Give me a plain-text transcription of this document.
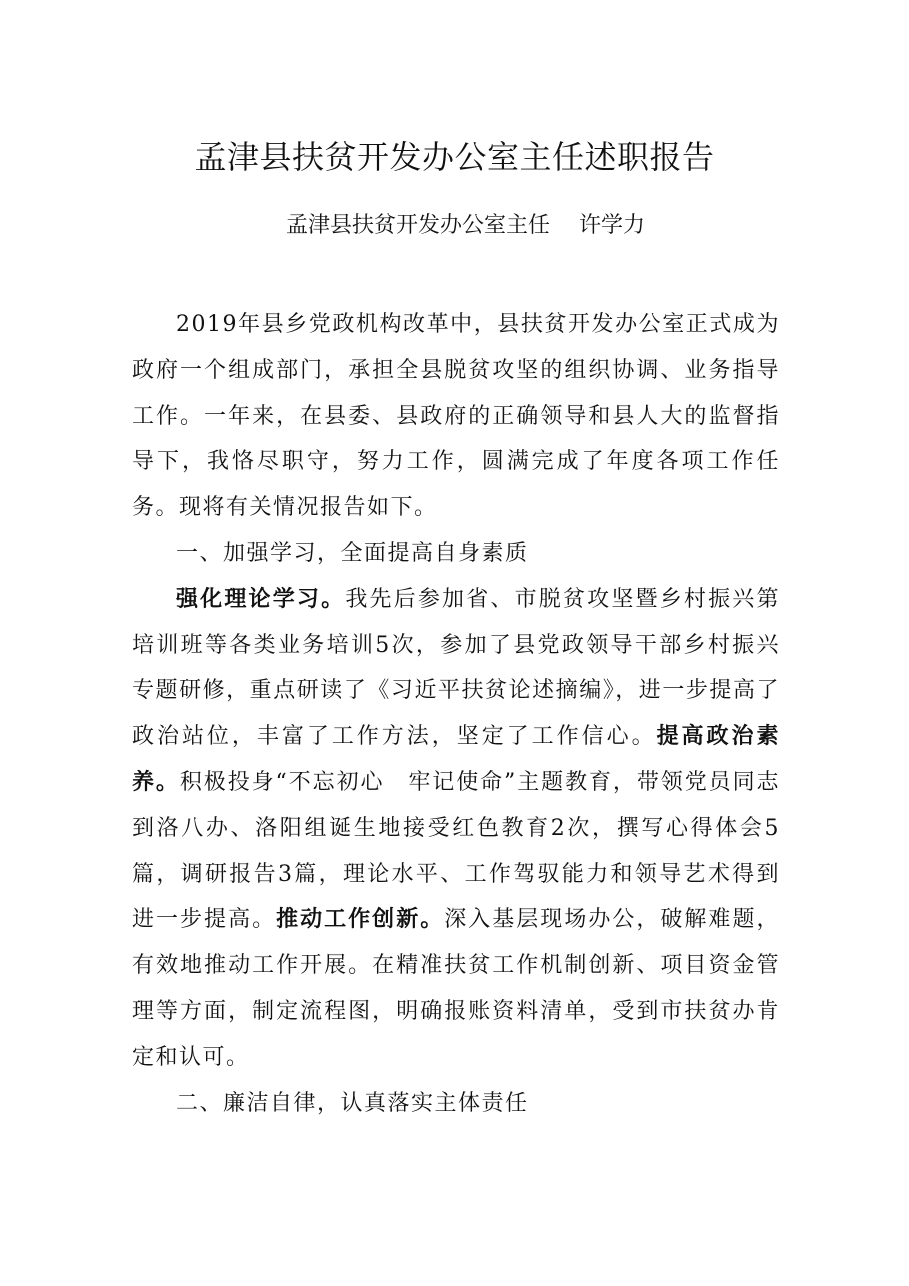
孟津县扶贫开发办公室主任述职报告
孟津县扶贫开发办公室主任　 许学力

2019年县乡党政机构改革中，县扶贫开发办公室正式成为政府一个组成部门，承担全县脱贫攻坚的组织协调、业务指导工作。一年来，在县委、县政府的正确领导和县人大的监督指导下，我恪尽职守，努力工作，圆满完成了年度各项工作任务。现将有关情况报告如下。

一、加强学习，全面提高自身素质

强化理论学习。我先后参加省、市脱贫攻坚暨乡村振兴第培训班等各类业务培训5次，参加了县党政领导干部乡村振兴专题研修，重点研读了《习近平扶贫论述摘编》，进一步提高了政治站位，丰富了工作方法，坚定了工作信心。提高政治素养。积极投身“不忘初心　牢记使命”主题教育，带领党员同志到洛八办、洛阳组诞生地接受红色教育2次，撰写心得体会5篇，调研报告3篇，理论水平、工作驾驭能力和领导艺术得到进一步提高。推动工作创新。深入基层现场办公，破解难题，有效地推动工作开展。在精准扶贫工作机制创新、项目资金管理等方面，制定流程图，明确报账资料清单，受到市扶贫办肯定和认可。

二、廉洁自律，认真落实主体责任
